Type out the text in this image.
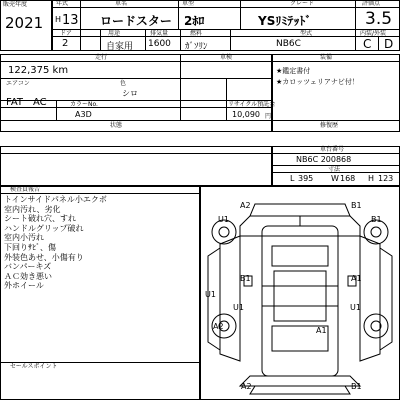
販売年度
2021
年式	車名	車型	グレード	評価点
H 13 ロードスター 2ﾎﾛ	YSﾘﾐﾃｯﾄﾞ	3.5
ドア	用途	排気量	燃料	型式	内装/外装
2	自家用 1600 ｶﾞｿﾘﾝ	NB6C	C D
走行	車検
122,375 km
エアコン
FAT AC
色
シロ
カラーNo.
A3D
リサイクル預託金
10,090 円
状態
装備
★鑑定書付
★カロッツェリアナビ付！
修復歴
車台番号
NB6C 200868
寸法
L 395 W 168 H 123
検査員報告
トインサイドパネル小エクボ
室内汚れ、劣化
シート破れ穴、すれ
ハンドルグリップ破れ
室内小汚れ
下回りｻﾋﾞ、傷
外装色あせ、小傷有り
バンパーキズ
ＡＣ効き悪い
外ホイール
セールスポイント
A2	B1
U1	B1
B1	A1
U1
U1
U1
A2	A1
A2	B1
